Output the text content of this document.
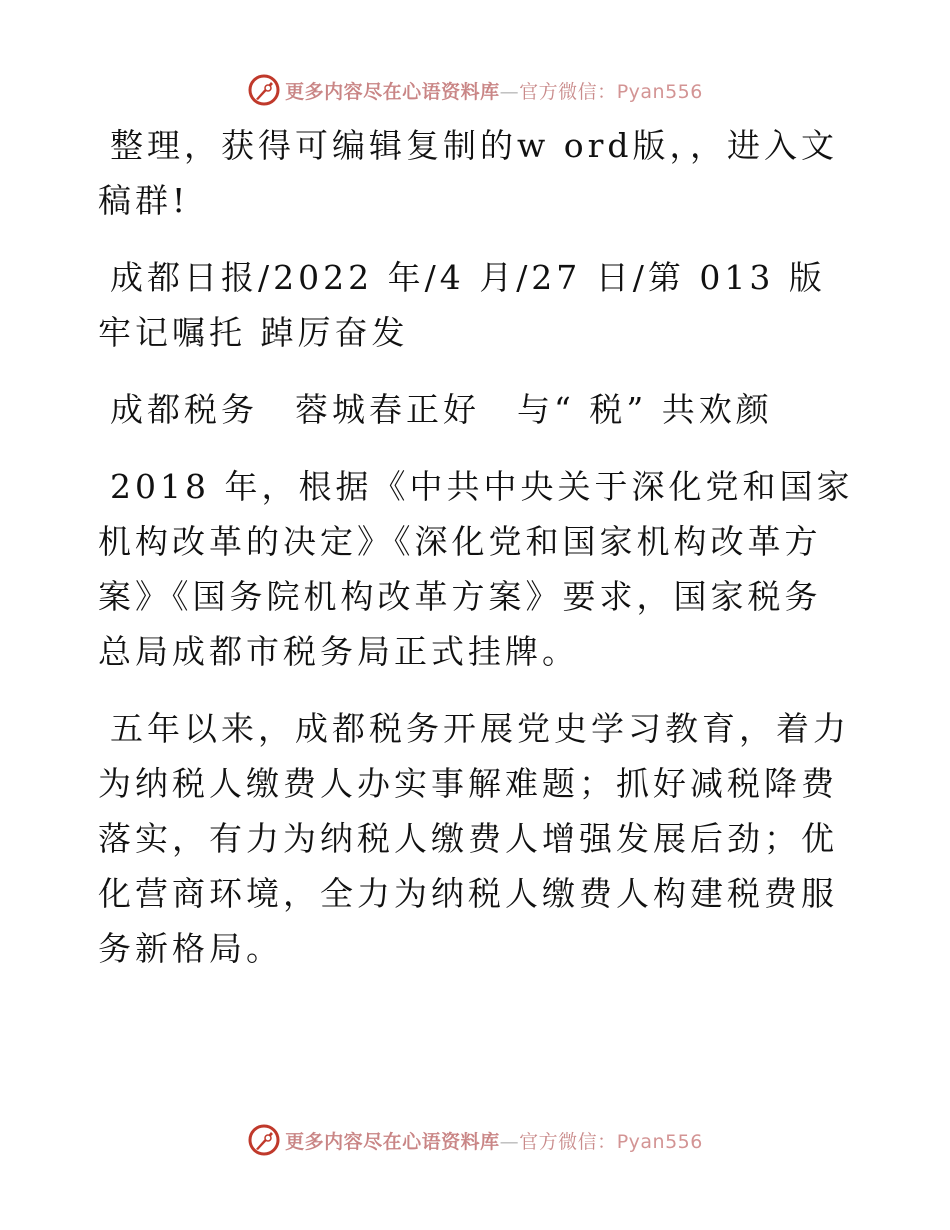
更多内容尽在心语资料库—官方微信：Pyan556

整理，获得可编辑复制的w ord版，，进入文稿群!

成都日报/2022 年/4 月/27 日/第 013 版牢记嘱托 踔厉奋发

成都税务　蓉城春正好　与“ 税” 共欢颜

2018 年，根据《中共中央关于深化党和国家机构改革的决定》《深化党和国家机构改革方案》《国务院机构改革方案》要求，国家税务总局成都市税务局正式挂牌。

五年以来，成都税务开展党史学习教育，着力为纳税人缴费人办实事解难题；抓好减税降费落实，有力为纳税人缴费人增强发展后劲；优化营商环境，全力为纳税人缴费人构建税费服务新格局。

更多内容尽在心语资料库—官方微信：Pyan556
